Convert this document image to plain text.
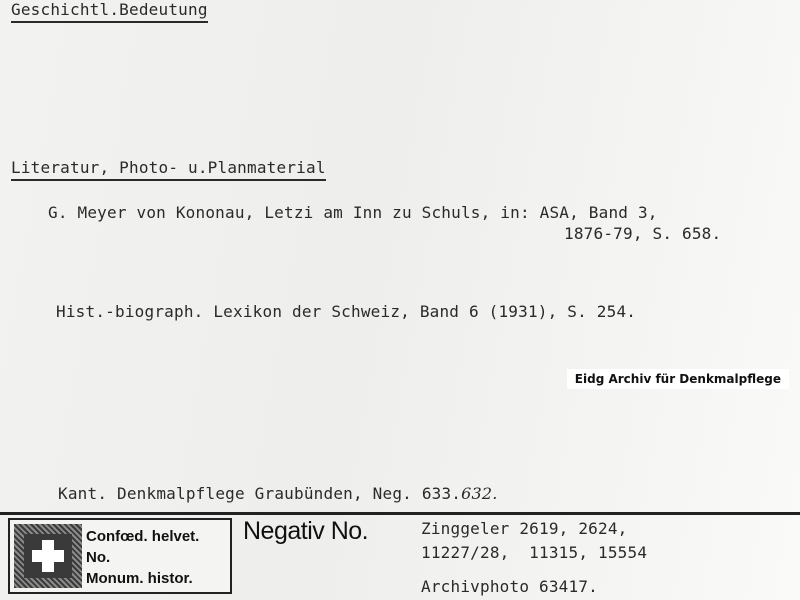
Geschichtl.Bedeutung
Literatur, Photo- u.Planmaterial
G. Meyer von Kononau, Letzi am Inn zu Schuls, in: ASA, Band 3,
1876-79, S. 658.
Hist.-biograph. Lexikon der Schweiz, Band 6 (1931), S. 254.
Eidg Archiv für Denkmalpflege
Kant. Denkmalpflege Graubünden, Neg. 633.632.
Confœd. helvet.
No.
Monum. histor.
Negativ No.	Zinggeler 2619, 2624,
11227/28,  11315, 15554
Archivphoto 63417.
